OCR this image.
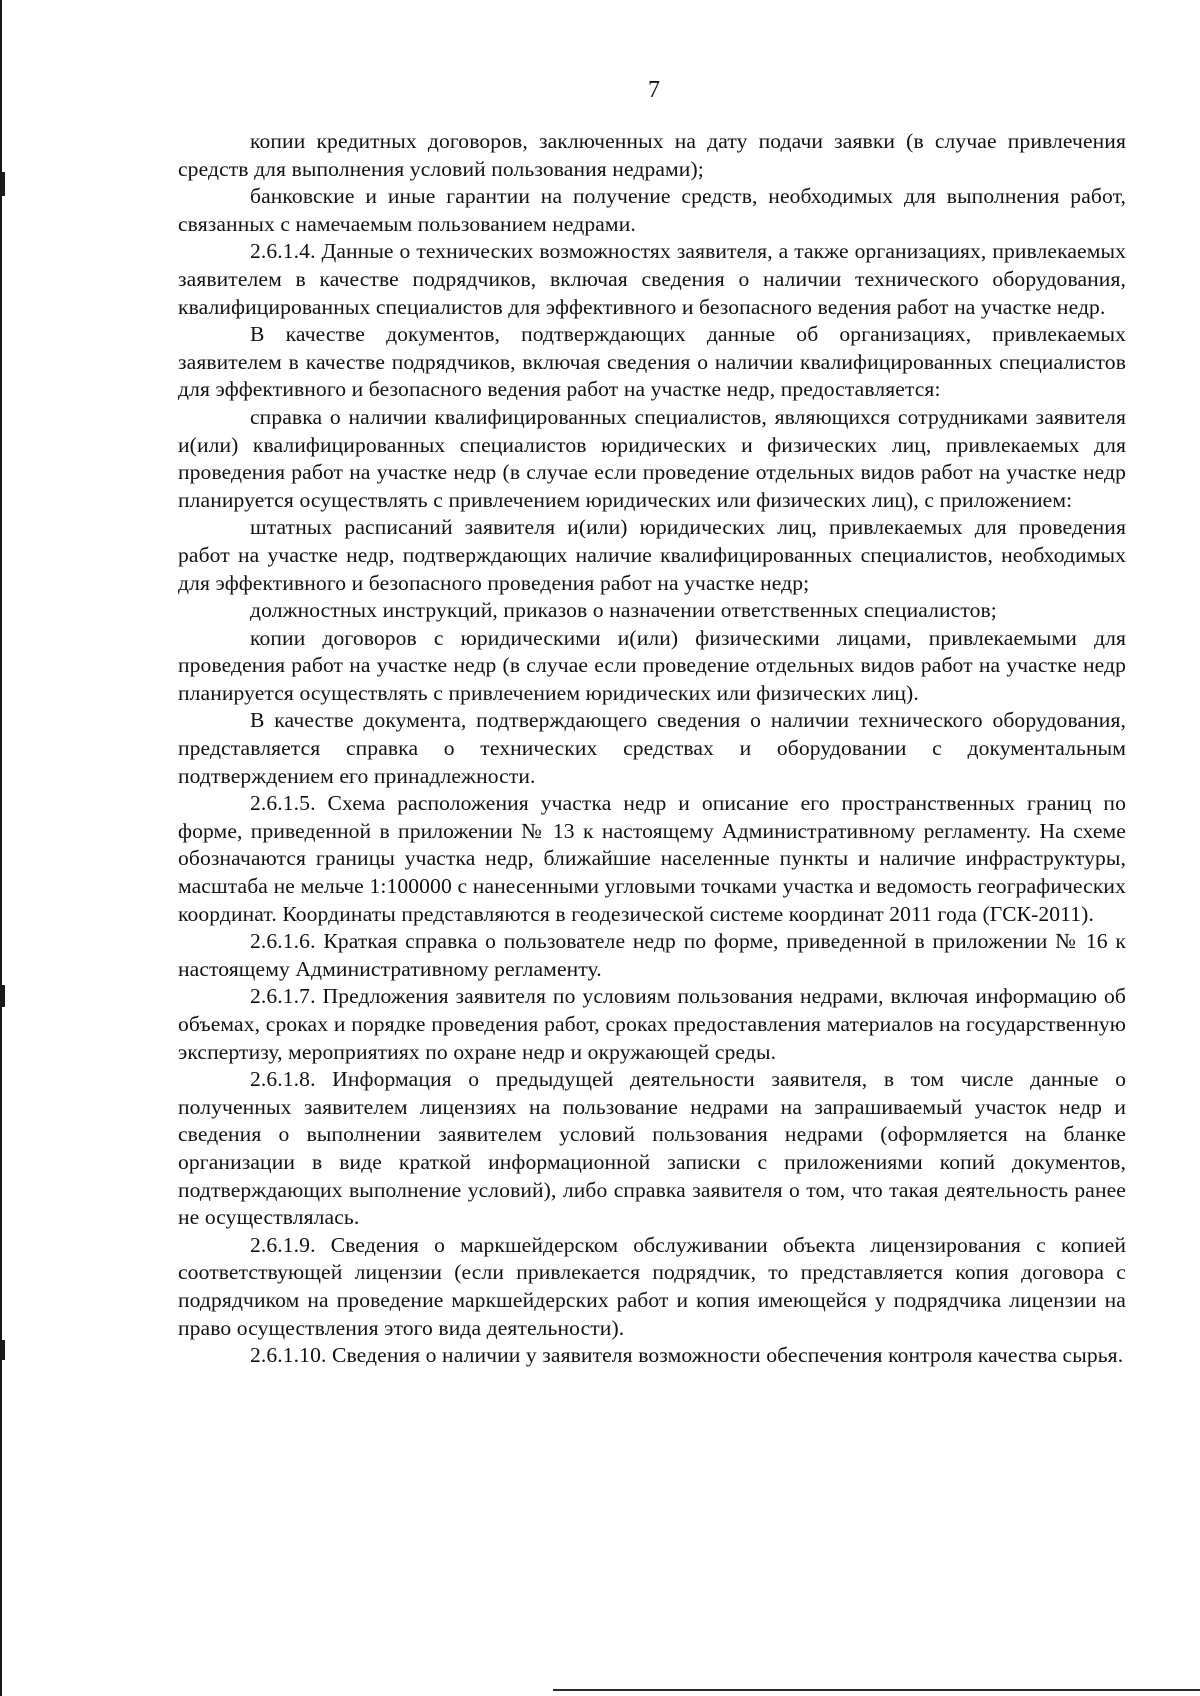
7

копии кредитных договоров, заключенных на дату подачи заявки (в случае привлечения средств для выполнения условий пользования недрами);

банковские и иные гарантии на получение средств, необходимых для выполнения работ, связанных с намечаемым пользованием недрами.

2.6.1.4. Данные о технических возможностях заявителя, а также организациях, привлекаемых заявителем в качестве подрядчиков, включая сведения о наличии технического оборудования, квалифицированных специалистов для эффективного и безопасного ведения работ на участке недр.

В качестве документов, подтверждающих данные об организациях, привлекаемых заявителем в качестве подрядчиков, включая сведения о наличии квалифицированных специалистов для эффективного и безопасного ведения работ на участке недр, предоставляется:

справка о наличии квалифицированных специалистов, являющихся сотрудниками заявителя и(или) квалифицированных специалистов юридических и физических лиц, привлекаемых для проведения работ на участке недр (в случае если проведение отдельных видов работ на участке недр планируется осуществлять с привлечением юридических или физических лиц), с приложением:

штатных расписаний заявителя и(или) юридических лиц, привлекаемых для проведения работ на участке недр, подтверждающих наличие квалифицированных специалистов, необходимых для эффективного и безопасного проведения работ на участке недр;

должностных инструкций, приказов о назначении ответственных специалистов;

копии договоров с юридическими и(или) физическими лицами, привлекаемыми для проведения работ на участке недр (в случае если проведение отдельных видов работ на участке недр планируется осуществлять с привлечением юридических или физических лиц).

В качестве документа, подтверждающего сведения о наличии технического оборудования, представляется справка о технических средствах и оборудовании с документальным подтверждением его принадлежности.

2.6.1.5. Схема расположения участка недр и описание его пространственных границ по форме, приведенной в приложении № 13 к настоящему Административному регламенту. На схеме обозначаются границы участка недр, ближайшие населенные пункты и наличие инфраструктуры, масштаба не мельче 1:100000 с нанесенными угловыми точками участка и ведомость географических координат. Координаты представляются в геодезической системе координат 2011 года (ГСК-2011).

2.6.1.6. Краткая справка о пользователе недр по форме, приведенной в приложении № 16 к настоящему Административному регламенту.

2.6.1.7. Предложения заявителя по условиям пользования недрами, включая информацию об объемах, сроках и порядке проведения работ, сроках предоставления материалов на государственную экспертизу, мероприятиях по охране недр и окружающей среды.

2.6.1.8. Информация о предыдущей деятельности заявителя, в том числе данные о полученных заявителем лицензиях на пользование недрами на запрашиваемый участок недр и сведения о выполнении заявителем условий пользования недрами (оформляется на бланке организации в виде краткой информационной записки с приложениями копий документов, подтверждающих выполнение условий), либо справка заявителя о том, что такая деятельность ранее не осуществлялась.

2.6.1.9. Сведения о маркшейдерском обслуживании объекта лицензирования с копией соответствующей лицензии (если привлекается подрядчик, то представляется копия договора с подрядчиком на проведение маркшейдерских работ и копия имеющейся у подрядчика лицензии на право осуществления этого вида деятельности).

2.6.1.10. Сведения о наличии у заявителя возможности обеспечения контроля качества сырья.
